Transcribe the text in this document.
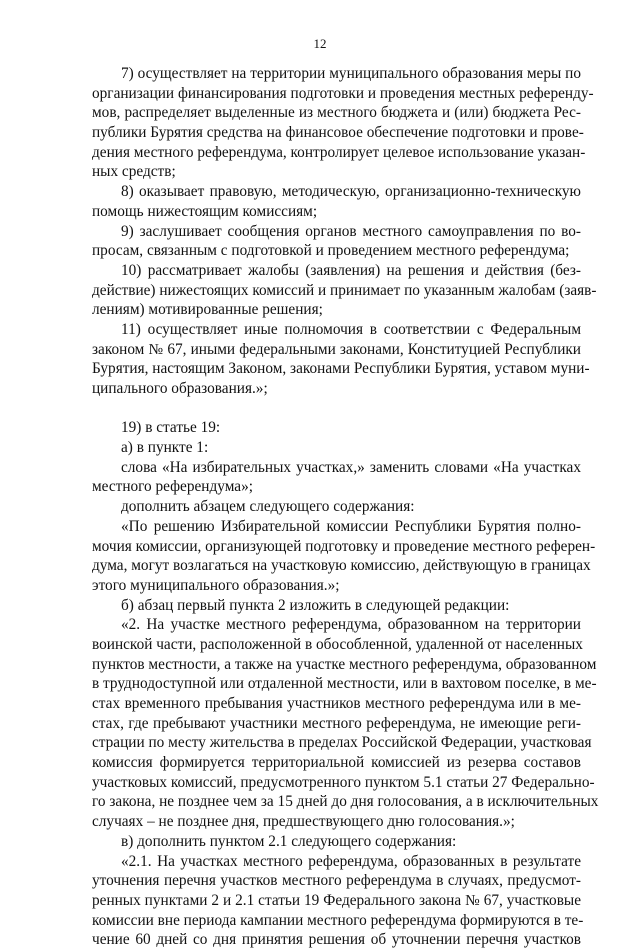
12
7) осуществляет на территории муниципального образования меры по
организации финансирования подготовки и проведения местных референду-
мов, распределяет выделенные из местного бюджета и (или) бюджета Рес-
публики Бурятия средства на финансовое обеспечение подготовки и прове-
дения местного референдума, контролирует целевое использование указан-
ных средств;
8) оказывает правовую, методическую, организационно-техническую
помощь нижестоящим комиссиям;
9) заслушивает сообщения органов местного самоуправления по во-
просам, связанным с подготовкой и проведением местного референдума;
10) рассматривает жалобы (заявления) на решения и действия (без-
действие) нижестоящих комиссий и принимает по указанным жалобам (заяв-
лениям) мотивированные решения;
11) осуществляет иные полномочия в соответствии с Федеральным
законом № 67, иными федеральными законами, Конституцией Республики
Бурятия, настоящим Законом, законами Республики Бурятия, уставом муни-
ципального образования.»;
19) в статье 19:
а) в пункте 1:
слова «На избирательных участках,» заменить словами «На участках
местного референдума»;
дополнить абзацем следующего содержания:
«По решению Избирательной комиссии Республики Бурятия полно-
мочия комиссии, организующей подготовку и проведение местного референ-
дума, могут возлагаться на участковую комиссию, действующую в границах
этого муниципального образования.»;
б) абзац первый пункта 2 изложить в следующей редакции:
«2. На участке местного референдума, образованном на территории
воинской части, расположенной в обособленной, удаленной от населенных
пунктов местности, а также на участке местного референдума, образованном
в труднодоступной или отдаленной местности, или в вахтовом поселке, в ме-
стах временного пребывания участников местного референдума или в ме-
стах, где пребывают участники местного референдума, не имеющие реги-
страции по месту жительства в пределах Российской Федерации, участковая
комиссия формируется территориальной комиссией из резерва составов
участковых комиссий, предусмотренного пунктом 5.1 статьи 27 Федерально-
го закона, не позднее чем за 15 дней до дня голосования, а в исключительных
случаях – не позднее дня, предшествующего дню голосования.»;
в) дополнить пунктом 2.1 следующего содержания:
«2.1. На участках местного референдума, образованных в результате
уточнения перечня участков местного референдума в случаях, предусмот-
ренных пунктами 2 и 2.1 статьи 19 Федерального закона № 67, участковые
комиссии вне периода кампании местного референдума формируются в те-
чение 60 дней со дня принятия решения об уточнении перечня участков
